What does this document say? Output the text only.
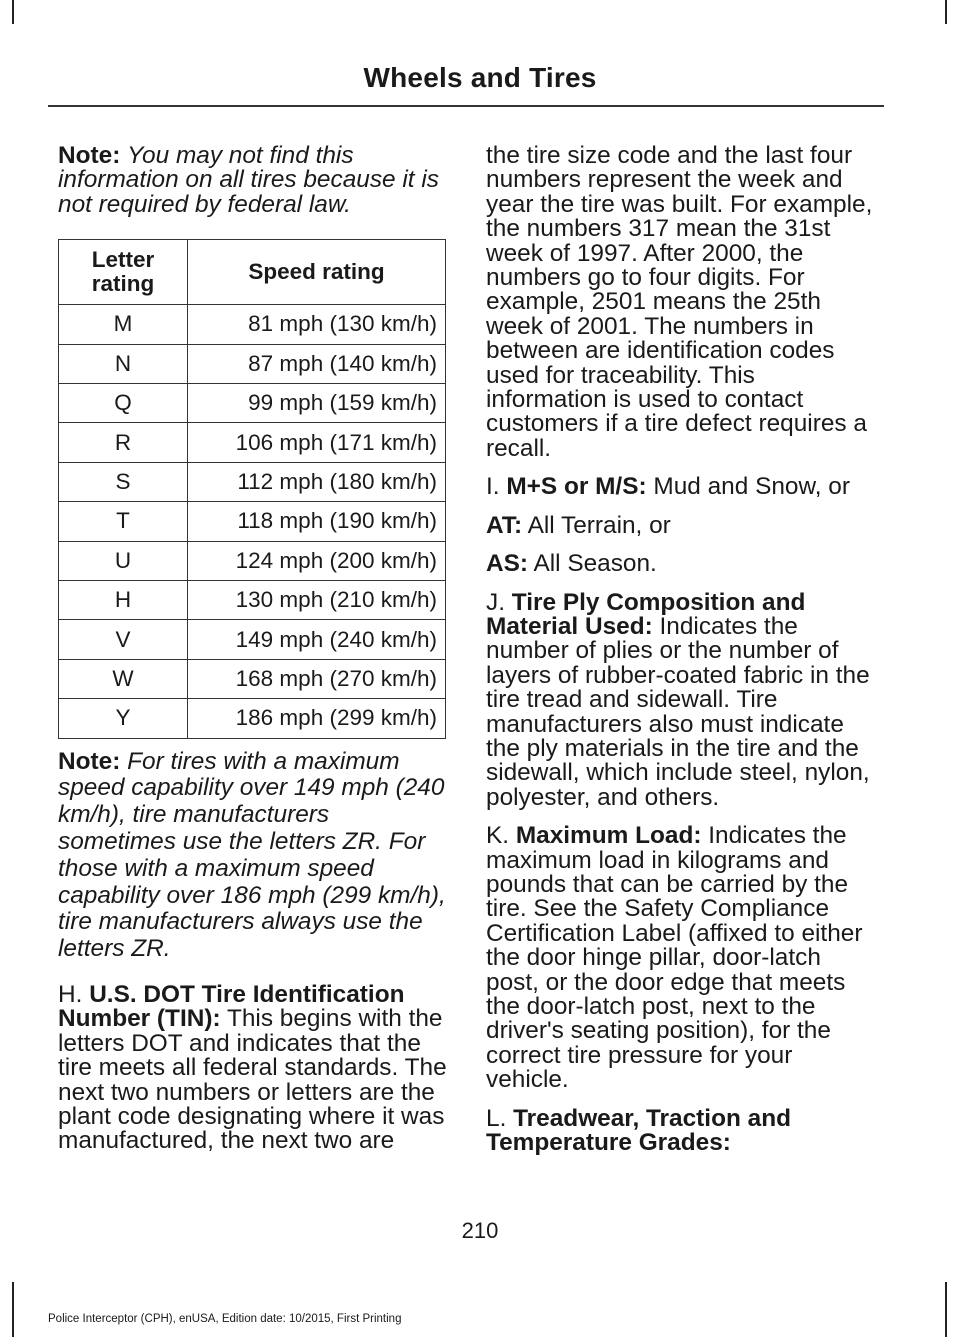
Wheels and Tires

Note: You may not find this information on all tires because it is not required by federal law.

Letter rating	Speed rating
M	81 mph (130 km/h)
N	87 mph (140 km/h)
Q	99 mph (159 km/h)
R	106 mph (171 km/h)
S	112 mph (180 km/h)
T	118 mph (190 km/h)
U	124 mph (200 km/h)
H	130 mph (210 km/h)
V	149 mph (240 km/h)
W	168 mph (270 km/h)
Y	186 mph (299 km/h)

Note: For tires with a maximum speed capability over 149 mph (240 km/h), tire manufacturers sometimes use the letters ZR. For those with a maximum speed capability over 186 mph (299 km/h), tire manufacturers always use the letters ZR.

H. U.S. DOT Tire Identification Number (TIN): This begins with the letters DOT and indicates that the tire meets all federal standards. The next two numbers or letters are the plant code designating where it was manufactured, the next two are

the tire size code and the last four numbers represent the week and year the tire was built. For example, the numbers 317 mean the 31st week of 1997. After 2000, the numbers go to four digits. For example, 2501 means the 25th week of 2001. The numbers in between are identification codes used for traceability. This information is used to contact customers if a tire defect requires a recall.

I. M+S or M/S: Mud and Snow, or

AT: All Terrain, or

AS: All Season.

J. Tire Ply Composition and Material Used: Indicates the number of plies or the number of layers of rubber-coated fabric in the tire tread and sidewall. Tire manufacturers also must indicate the ply materials in the tire and the sidewall, which include steel, nylon, polyester, and others.

K. Maximum Load: Indicates the maximum load in kilograms and pounds that can be carried by the tire. See the Safety Compliance Certification Label (affixed to either the door hinge pillar, door-latch post, or the door edge that meets the door-latch post, next to the driver's seating position), for the correct tire pressure for your vehicle.

L. Treadwear, Traction and Temperature Grades:

210
Police Interceptor (CPH), enUSA, Edition date: 10/2015, First Printing
